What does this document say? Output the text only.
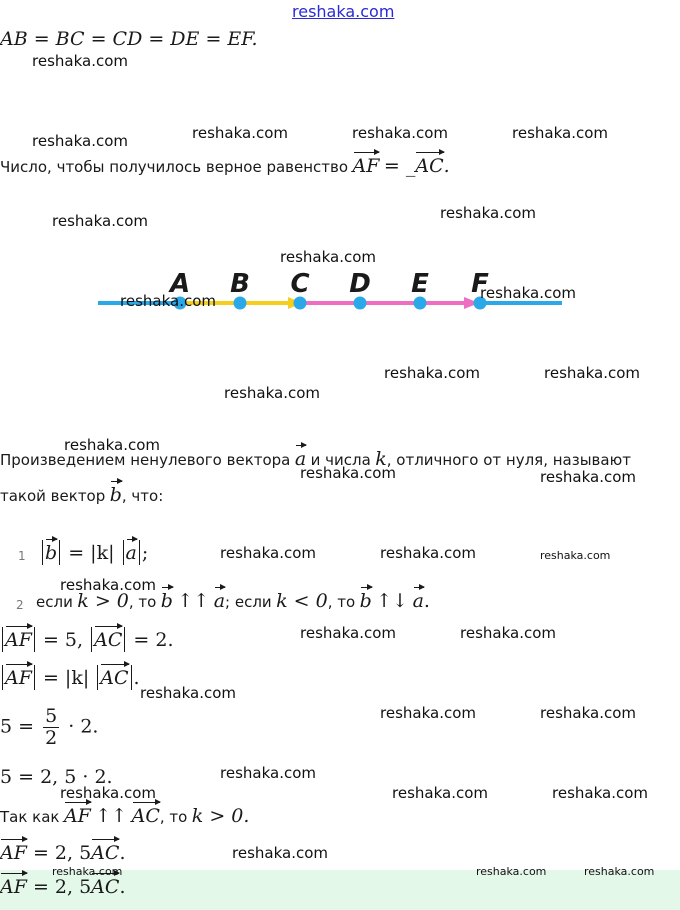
reshaka.com
AB = BC = CD = DE = EF.
Число, чтобы получилось верное равенство AF = _AC.
A B C D E F
Произведением ненулевого вектора a и числа k, отличного от нуля, называют
такой вектор b, что:
1 b = |k| a ;
2 если k > 0, то b ↑↑ a; если k < 0, то b ↑↓ a.
AF = 5, AC = 2.
AF = |k| AC .
$5 = \frac{5}{2} \cdot 2$.
5 = 2, 5 · 2.
Так как AF ↑↑ AC, то k > 0.
AF = 2, 5AC.
AF = 2, 5AC.
reshaka.com
reshaka.com	reshaka.com	reshaka.com	reshaka.com
reshaka.com	reshaka.com
reshaka.com
reshaka.com	reshaka.com
reshaka.com	reshaka.com
reshaka.com
reshaka.com
reshaka.com	reshaka.com
reshaka.com	reshaka.com	reshaka.com
reshaka.com
reshaka.com	reshaka.com
reshaka.com
reshaka.com	reshaka.com
reshaka.com
reshaka.com	reshaka.com	reshaka.com
reshaka.com
reshaka.com	reshaka.com	reshaka.com
